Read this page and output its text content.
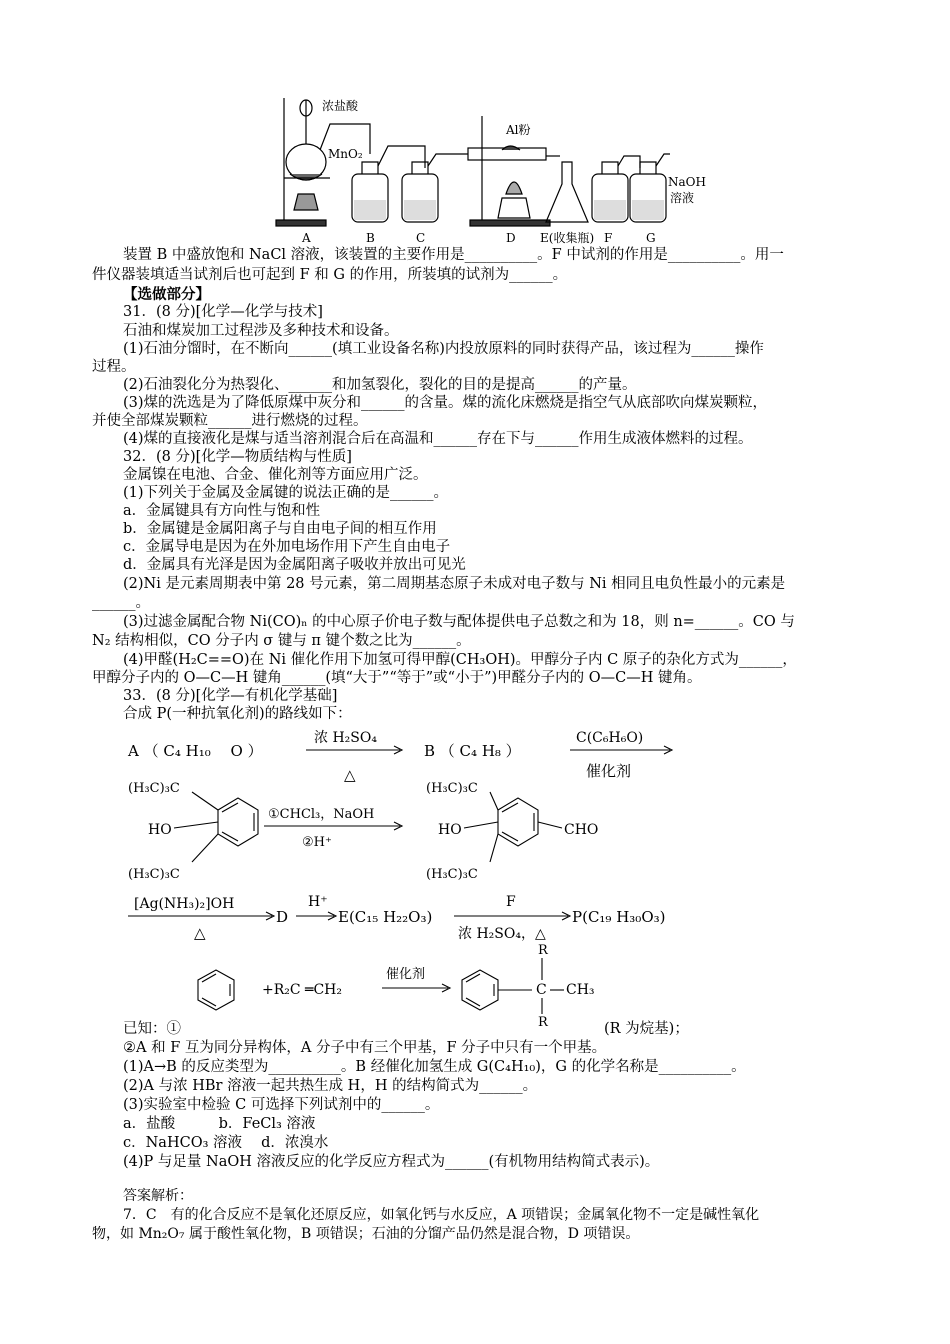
浓盐酸
MnO₂
Al粉
NaOH
溶液
A	B	C	D E(收集瓶) F	G
装置 B 中盛放饱和 NaCl 溶液，该装置的主要作用是__________。F 中试剂的作用是__________。用一
件仪器装填适当试剂后也可起到 F 和 G 的作用，所装填的试剂为______。
【选做部分】
31．(8 分)[化学—化学与技术]
石油和煤炭加工过程涉及多种技术和设备。
(1)石油分馏时，在不断向______(填工业设备名称)内投放原料的同时获得产品，该过程为______操作
过程。
(2)石油裂化分为热裂化、______和加氢裂化，裂化的目的是提高______的产量。
(3)煤的洗选是为了降低原煤中灰分和______的含量。煤的流化床燃烧是指空气从底部吹向煤炭颗粒，
并使全部煤炭颗粒______进行燃烧的过程。
(4)煤的直接液化是煤与适当溶剂混合后在高温和______存在下与______作用生成液体燃料的过程。
32．(8 分)[化学—物质结构与性质]
金属镍在电池、合金、催化剂等方面应用广泛。
(1)下列关于金属及金属键的说法正确的是______。
a．金属键具有方向性与饱和性
b．金属键是金属阳离子与自由电子间的相互作用
c．金属导电是因为在外加电场作用下产生自由电子
d．金属具有光泽是因为金属阳离子吸收并放出可见光
(2)Ni 是元素周期表中第 28 号元素，第二周期基态原子未成对电子数与 Ni 相同且电负性最小的元素是
______。
(3)过滤金属配合物 Ni(CO)ₙ 的中心原子价电子数与配体提供电子总数之和为 18，则 n=______。CO 与
N₂ 结构相似，CO 分子内 σ 键与 π 键个数之比为______。
(4)甲醛(H₂C==O)在 Ni 催化作用下加氢可得甲醇(CH₃OH)。甲醇分子内 C 原子的杂化方式为______，
甲醇分子内的 O—C—H 键角______(填“大于”“等于”或“小于”)甲醛分子内的 O—C—H 键角。
33．(8 分)[化学—有机化学基础]
合成 P(一种抗氧化剂)的路线如下：
A （ C₄ H₁₀　 O ）
浓 H₂SO₄
△
B （ C₄ H₈ ）
C(C₆H₆O)
催化剂
(H₃C)₃C
(H₃C)₃C
HO
①CHCl₃，NaOH
②H⁺
(H₃C)₃C
(H₃C)₃C
HO	CHO
[Ag(NH₃)₂]OH
△
D
H⁺
E(C₁₅ H₂₂O₃)
F
浓 H₂SO₄，△
P(C₁₉ H₃₀O₃)
+R₂C ═CH₂
催化剂
R
C CH₃
R
已知：①	(R 为烷基)；
②A 和 F 互为同分异构体，A 分子中有三个甲基，F 分子中只有一个甲基。
(1)A→B 的反应类型为__________。B 经催化加氢生成 G(C₄H₁₀)，G 的化学名称是__________。
(2)A 与浓 HBr 溶液一起共热生成 H，H 的结构简式为______。
(3)实验室中检验 C 可选择下列试剂中的______。
a．盐酸　　　b．FeCl₃ 溶液
c．NaHCO₃ 溶液　 d．浓溴水
(4)P 与足量 NaOH 溶液反应的化学反应方程式为______(有机物用结构简式表示)。
答案解析：
7．C　有的化合反应不是氧化还原反应，如氧化钙与水反应，A 项错误；金属氧化物不一定是碱性氧化
物，如 Mn₂O₇ 属于酸性氧化物，B 项错误；石油的分馏产品仍然是混合物，D 项错误。
